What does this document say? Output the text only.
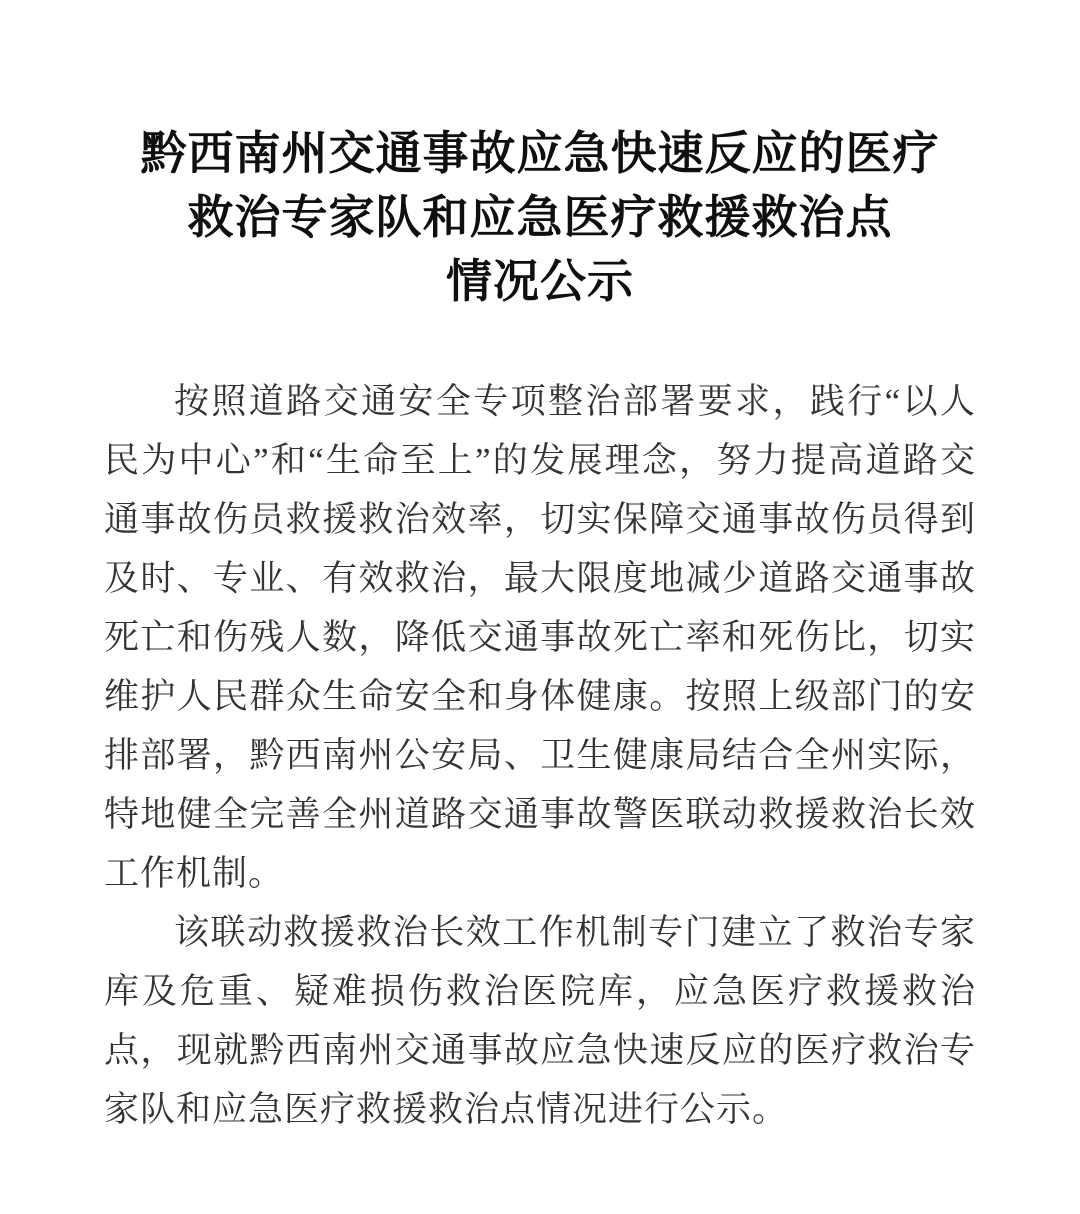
黔西南州交通事故应急快速反应的医疗
救治专家队和应急医疗救援救治点
情况公示

按照道路交通安全专项整治部署要求，践行“以人民为中心”和“生命至上”的发展理念，努力提高道路交通事故伤员救援救治效率，切实保障交通事故伤员得到及时、专业、有效救治，最大限度地减少道路交通事故死亡和伤残人数，降低交通事故死亡率和死伤比，切实维护人民群众生命安全和身体健康。按照上级部门的安排部署，黔西南州公安局、卫生健康局结合全州实际，特地健全完善全州道路交通事故警医联动救援救治长效工作机制。

该联动救援救治长效工作机制专门建立了救治专家库及危重、疑难损伤救治医院库，应急医疗救援救治点，现就黔西南州交通事故应急快速反应的医疗救治专家队和应急医疗救援救治点情况进行公示。
